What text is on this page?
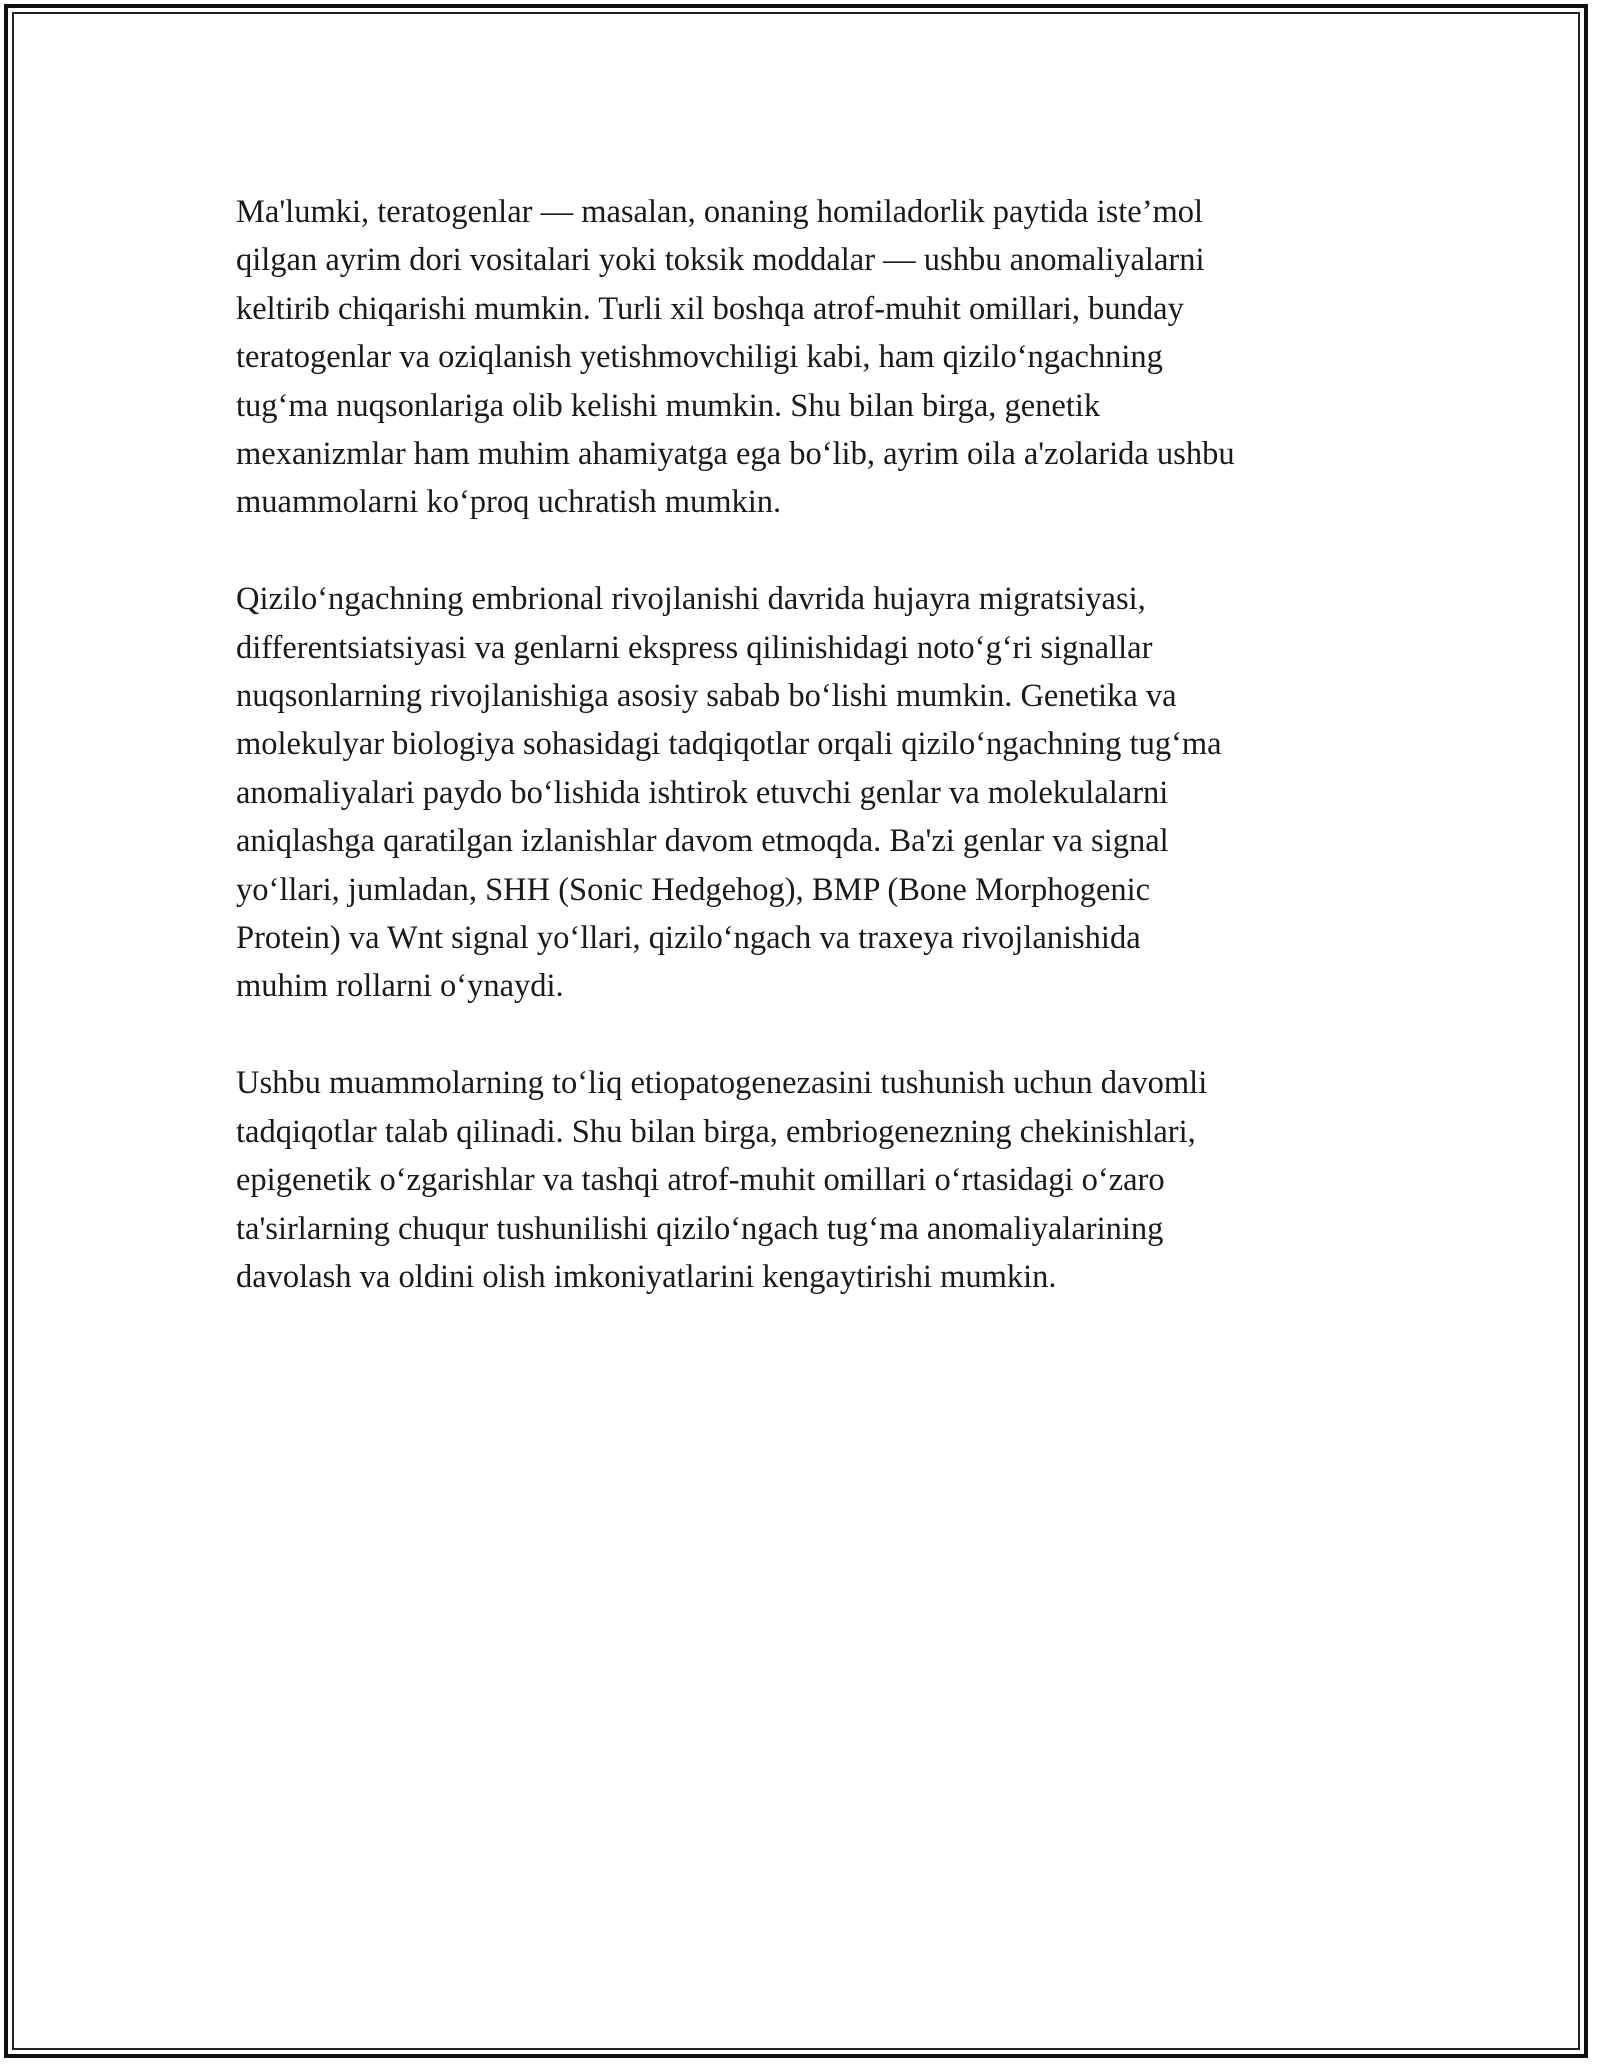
Ma'lumki, teratogenlar — masalan, onaning homiladorlik paytida iste’mol
qilgan ayrim dori vositalari yoki toksik moddalar — ushbu anomaliyalarni
keltirib chiqarishi mumkin. Turli xil boshqa atrof-muhit omillari, bunday
teratogenlar va oziqlanish yetishmovchiligi kabi, ham qizilo‘ngachning
tug‘ma nuqsonlariga olib kelishi mumkin. Shu bilan birga, genetik
mexanizmlar ham muhim ahamiyatga ega bo‘lib, ayrim oila a'zolarida ushbu
muammolarni ko‘proq uchratish mumkin.

Qizilo‘ngachning embrional rivojlanishi davrida hujayra migratsiyasi,
differentsiatsiyasi va genlarni ekspress qilinishidagi noto‘g‘ri signallar
nuqsonlarning rivojlanishiga asosiy sabab bo‘lishi mumkin. Genetika va
molekulyar biologiya sohasidagi tadqiqotlar orqali qizilo‘ngachning tug‘ma
anomaliyalari paydo bo‘lishida ishtirok etuvchi genlar va molekulalarni
aniqlashga qaratilgan izlanishlar davom etmoqda. Ba'zi genlar va signal
yo‘llari, jumladan, SHH (Sonic Hedgehog), BMP (Bone Morphogenic
Protein) va Wnt signal yo‘llari, qizilo‘ngach va traxeya rivojlanishida
muhim rollarni o‘ynaydi.

Ushbu muammolarning to‘liq etiopatogenezasini tushunish uchun davomli
tadqiqotlar talab qilinadi. Shu bilan birga, embriogenezning chekinishlari,
epigenetik o‘zgarishlar va tashqi atrof-muhit omillari o‘rtasidagi o‘zaro
ta'sirlarning chuqur tushunilishi qizilo‘ngach tug‘ma anomaliyalarining
davolash va oldini olish imkoniyatlarini kengaytirishi mumkin.
